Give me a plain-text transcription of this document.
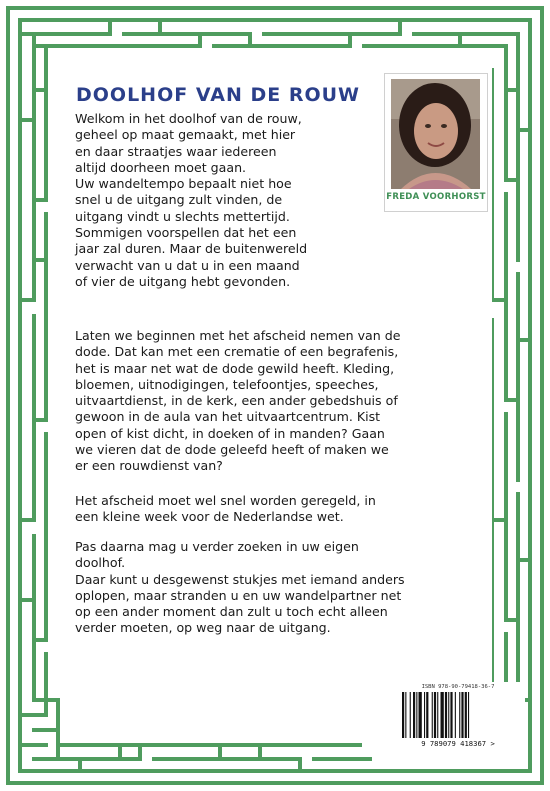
DOOLHOF VAN DE ROUW
FREDA VOORHORST

Welkom in het doolhof van de rouw,
geheel op maat gemaakt, met hier
en daar straatjes waar iedereen
altijd doorheen moet gaan.
Uw wandeltempo bepaalt niet hoe
snel u de uitgang zult vinden, de
uitgang vindt u slechts mettertijd.
Sommigen voorspellen dat het een
jaar zal duren. Maar de buitenwereld
verwacht van u dat u in een maand
of vier de uitgang hebt gevonden.

Laten we beginnen met het afscheid nemen van de
dode. Dat kan met een crematie of een begrafenis,
het is maar net wat de dode gewild heeft. Kleding,
bloemen, uitnodigingen, telefoontjes, speeches,
uitvaartdienst, in de kerk, een ander gebedshuis of
gewoon in de aula van het uitvaartcentrum. Kist
open of kist dicht, in doeken of in manden? Gaan
we vieren dat de dode geleefd heeft of maken we
er een rouwdienst van?

Het afscheid moet wel snel worden geregeld, in
een kleine week voor de Nederlandse wet.

Pas daarna mag u verder zoeken in uw eigen
doolhof.
Daar kunt u desgewenst stukjes met iemand anders
oplopen, maar stranden u en uw wandelpartner net
op een ander moment dan zult u toch echt alleen
verder moeten, op weg naar de uitgang.

ISBN 978-90-79418-36-7
9 789079 418367 >
